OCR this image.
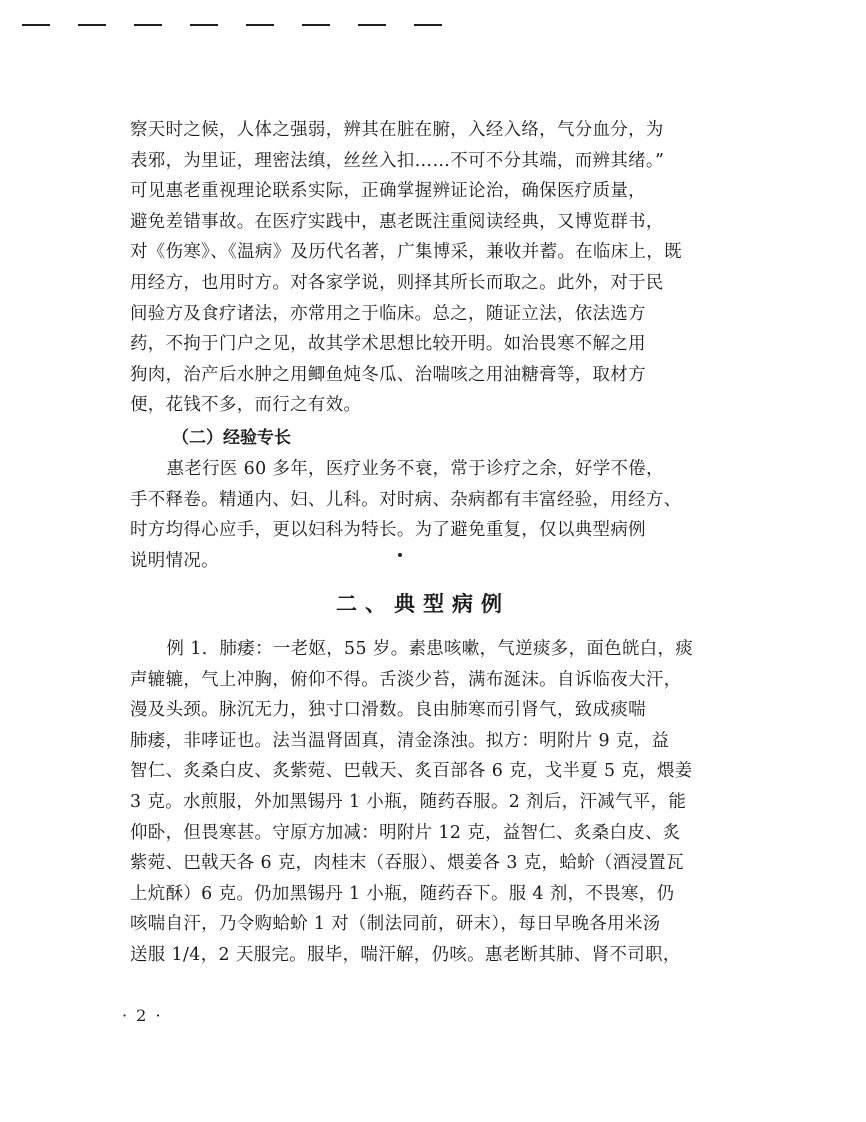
察天时之候，人体之强弱，辨其在脏在腑，入经入络，气分血分，为
表邪，为里证，理密法缜，丝丝入扣……不可不分其端，而辨其绪。”
可见惠老重视理论联系实际，正确掌握辨证论治，确保医疗质量，
避免差错事故。在医疗实践中，惠老既注重阅读经典，又博览群书，
对《伤寒》、《温病》及历代名著，广集博采，兼收并蓄。在临床上，既
用经方，也用时方。对各家学说，则择其所长而取之。此外，对于民
间验方及食疗诸法，亦常用之于临床。总之，随证立法，依法选方
药，不拘于门户之见，故其学术思想比较开明。如治畏寒不解之用
狗肉，治产后水肿之用鲫鱼炖冬瓜、治喘咳之用油糖膏等，取材方
便，花钱不多，而行之有效。
（二）经验专长
惠老行医 60 多年，医疗业务不衰，常于诊疗之余，好学不倦，
手不释卷。精通内、妇、儿科。对时病、杂病都有丰富经验，用经方、
时方均得心应手，更以妇科为特长。为了避免重复，仅以典型病例
说明情况。
二、典型病例
例 1．肺痿：一老妪，55 岁。素患咳嗽，气逆痰多，面色㿠白，痰
声辘辘，气上冲胸，俯仰不得。舌淡少苔，满布涎沫。自诉临夜大汗，
漫及头颈。脉沉无力，独寸口滑数。良由肺寒而引肾气，致成痰喘
肺痿，非哮证也。法当温肾固真，清金涤浊。拟方：明附片 9 克，益
智仁、炙桑白皮、炙紫菀、巴戟天、炙百部各 6 克，戈半夏 5 克，煨姜
3 克。水煎服，外加黑锡丹 1 小瓶，随药吞服。2 剂后，汗减气平，能
仰卧，但畏寒甚。守原方加减：明附片 12 克，益智仁、炙桑白皮、炙
紫菀、巴戟天各 6 克，肉桂末（吞服）、煨姜各 3 克，蛤蚧（酒浸置瓦
上炕酥）6 克。仍加黑锡丹 1 小瓶，随药吞下。服 4 剂，不畏寒，仍
咳喘自汗，乃令购蛤蚧 1 对（制法同前，研末），每日早晚各用米汤
送服 1/4，2 天服完。服毕，喘汗解，仍咳。惠老断其肺、肾不司职，
· 2 ·
